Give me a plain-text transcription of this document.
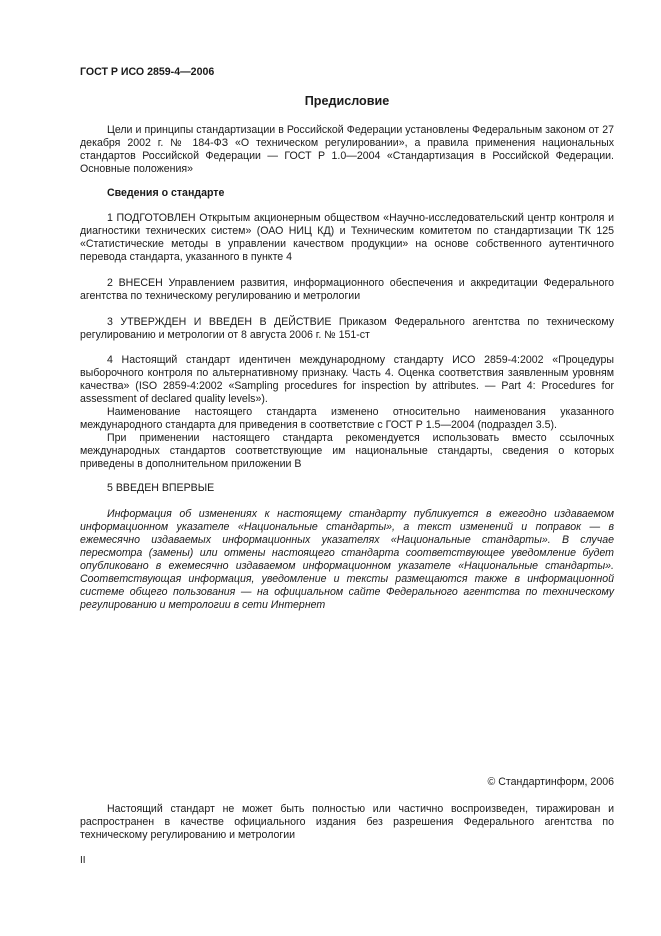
ГОСТ Р ИСО 2859-4—2006

Предисловие

Цели и принципы стандартизации в Российской Федерации установлены Федеральным законом от 27 декабря 2002 г. № 184-ФЗ «О техническом регулировании», а правила применения национальных стандартов Российской Федерации — ГОСТ Р 1.0—2004 «Стандартизация в Российской Федерации. Основные положения»

Сведения о стандарте

1 ПОДГОТОВЛЕН Открытым акционерным обществом «Научно-исследовательский центр контроля и диагностики технических систем» (ОАО НИЦ КД) и Техническим комитетом по стандартизации ТК 125 «Статистические методы в управлении качеством продукции» на основе собственного аутентичного перевода стандарта, указанного в пункте 4

2 ВНЕСЕН Управлением развития, информационного обеспечения и аккредитации Федерального агентства по техническому регулированию и метрологии

3 УТВЕРЖДЕН И ВВЕДЕН В ДЕЙСТВИЕ Приказом Федерального агентства по техническому регулированию и метрологии от 8 августа 2006 г. № 151-ст

4 Настоящий стандарт идентичен международному стандарту ИСО 2859-4:2002 «Процедуры выборочного контроля по альтернативному признаку. Часть 4. Оценка соответствия заявленным уровням качества» (ISO 2859-4:2002 «Sampling procedures for inspection by attributes. — Part 4: Procedures for assessment of declared quality levels»).

Наименование настоящего стандарта изменено относительно наименования указанного международного стандарта для приведения в соответствие с ГОСТ Р 1.5—2004 (подраздел 3.5).

При применении настоящего стандарта рекомендуется использовать вместо ссылочных международных стандартов соответствующие им национальные стандарты, сведения о которых приведены в дополнительном приложении В

5 ВВЕДЕН ВПЕРВЫЕ

Информация об изменениях к настоящему стандарту публикуется в ежегодно издаваемом информационном указателе «Национальные стандарты», а текст изменений и поправок — в ежемесячно издаваемых информационных указателях «Национальные стандарты». В случае пересмотра (замены) или отмены настоящего стандарта соответствующее уведомление будет опубликовано в ежемесячно издаваемом информационном указателе «Национальные стандарты». Соответствующая информация, уведомление и тексты размещаются также в информационной системе общего пользования — на официальном сайте Федерального агентства по техническому регулированию и метрологии в сети Интернет

© Стандартинформ, 2006

Настоящий стандарт не может быть полностью или частично воспроизведен, тиражирован и распространен в качестве официального издания без разрешения Федерального агентства по техническому регулированию и метрологии

II
